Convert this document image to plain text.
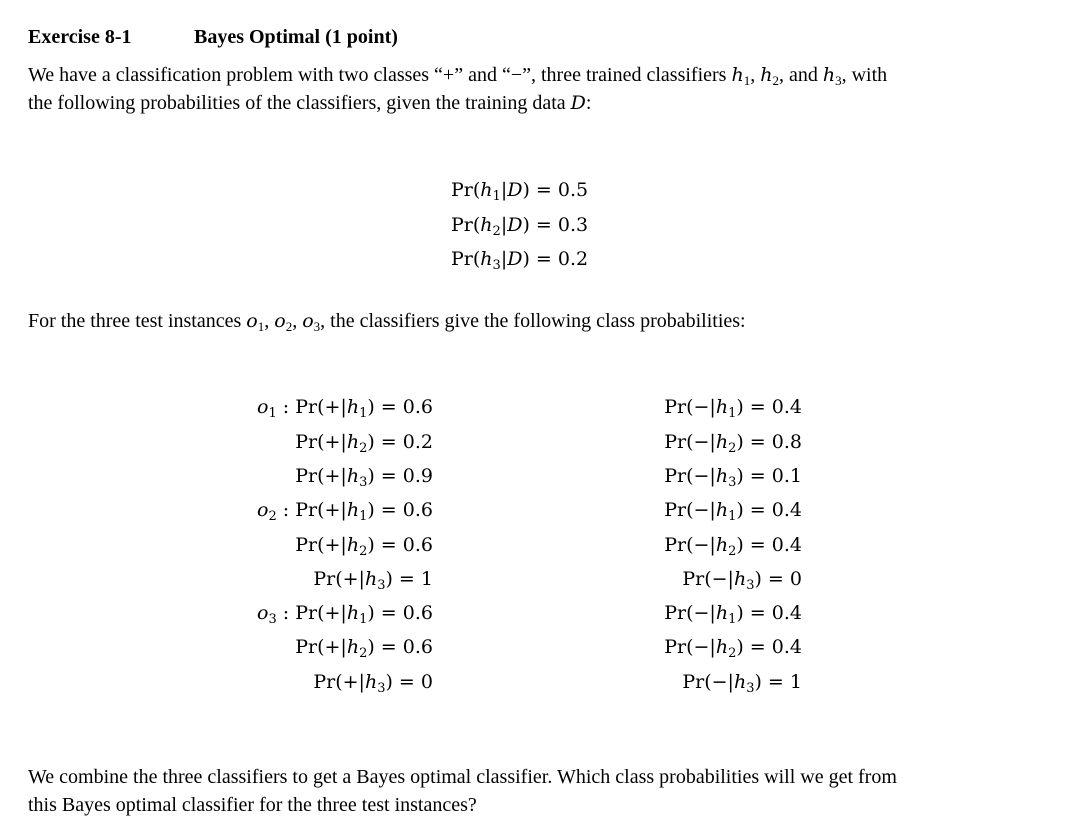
Exercise 8-1	Bayes Optimal (1 point)
We have a classification problem with two classes “+” and “−”, three trained classifiers $h_1$, $h_2$, and $h_3$, with
the following probabilities of the classifiers, given the training data D:
$Pr(h_1|D) = 0.5$
$Pr(h_2|D) = 0.3$
$Pr(h_3|D) = 0.2$
For the three test instances $o_1$, $o_2$, $o_3$, the classifiers give the following class probabilities:
$o_1$ : $Pr(+|h_1) = 0.6$	$Pr(-|h_1) = 0.4$
$Pr(+|h_2) = 0.2$	$Pr(-|h_2) = 0.8$
$Pr(+|h_3) = 0.9$	$Pr(-|h_3) = 0.1$
$o_2$ : $Pr(+|h_1) = 0.6$	$Pr(-|h_1) = 0.4$
$Pr(+|h_2) = 0.6$	$Pr(-|h_2) = 0.4$
$Pr(+|h_3) = 1$	$Pr(-|h_3) = 0$
$o_3$ : $Pr(+|h_1) = 0.6$	$Pr(-|h_1) = 0.4$
$Pr(+|h_2) = 0.6$	$Pr(-|h_2) = 0.4$
$Pr(+|h_3) = 0$	$Pr(-|h_3) = 1$
We combine the three classifiers to get a Bayes optimal classifier. Which class probabilities will we get from
this Bayes optimal classifier for the three test instances?
